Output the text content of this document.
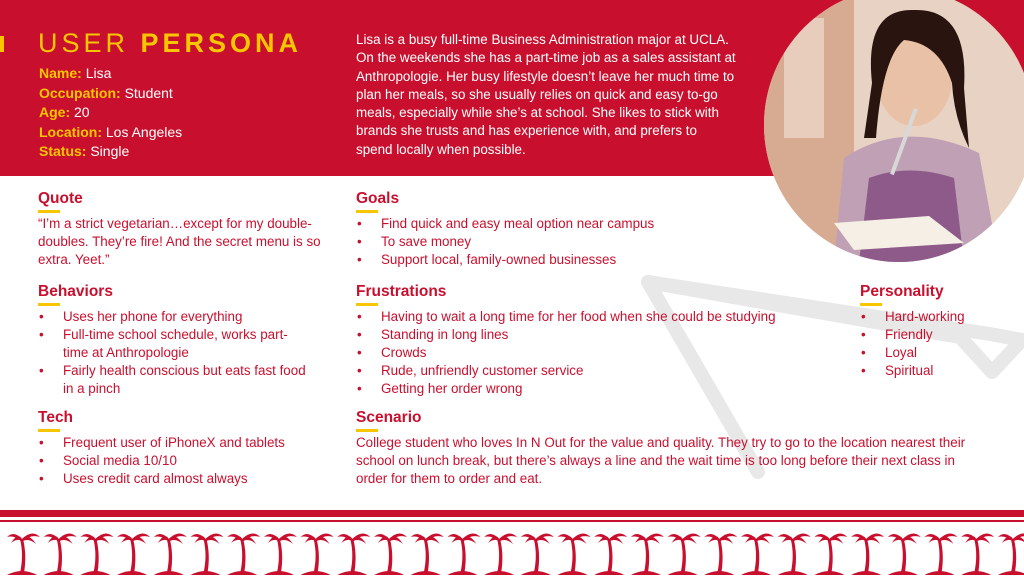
USER PERSONA
Name: Lisa
Occupation: Student
Age: 20
Location: Los Angeles
Status: Single

Lisa is a busy full-time Business Administration major at UCLA. On the weekends she has a part-time job as a sales assistant at Anthropologie. Her busy lifestyle doesn’t leave her much time to plan her meals, so she usually relies on quick and easy to-go meals, especially while she’s at school. She likes to stick with brands she trusts and has experience with, and prefers to spend locally when possible.

Quote
“I’m a strict vegetarian…except for my double-doubles. They’re fire! And the secret menu is so extra. Yeet.”
Goals
• Find quick and easy meal option near campus
• To save money
• Support local, family-owned businesses
Behaviors
• Uses her phone for everything
• Full-time school schedule, works part-time at Anthropologie
• Fairly health conscious but eats fast food in a pinch
Frustrations
• Having to wait a long time for her food when she could be studying
• Standing in long lines
• Crowds
• Rude, unfriendly customer service
• Getting her order wrong
Personality
• Hard-working
• Friendly
• Loyal
• Spiritual
Tech
• Frequent user of iPhoneX and tablets
• Social media 10/10
• Uses credit card almost always
Scenario
College student who loves In N Out for the value and quality. They try to go to the location nearest their school on lunch break, but there’s always a line and the wait time is too long before their next class in order for them to order and eat.
